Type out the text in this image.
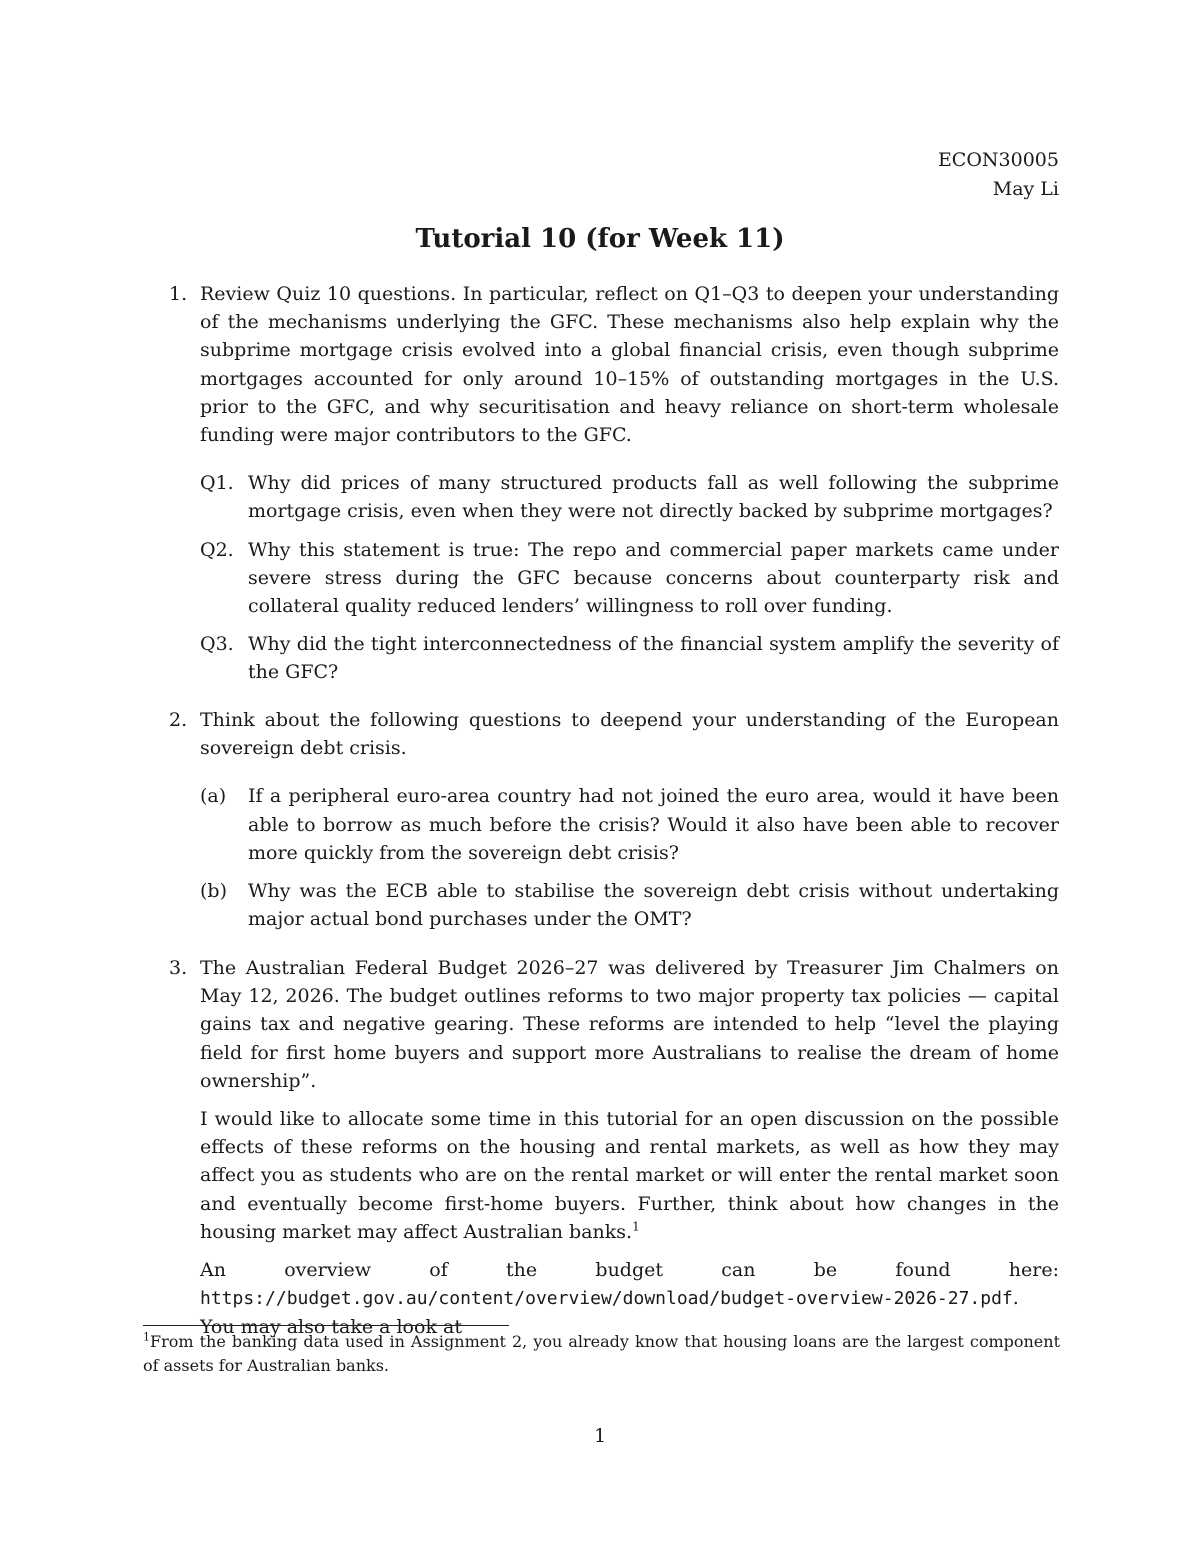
ECON30005
May Li
Tutorial 10 (for Week 11)
1. Review Quiz 10 questions. In particular, reflect on Q1–Q3 to deepen your understanding of the mechanisms underlying the GFC. These mechanisms also help explain why the subprime mortgage crisis evolved into a global financial crisis, even though subprime mortgages accounted for only around 10–15% of outstanding mortgages in the U.S. prior to the GFC, and why securitisation and heavy reliance on short-term wholesale funding were major contributors to the GFC.

Q1. Why did prices of many structured products fall as well following the subprime mortgage crisis, even when they were not directly backed by subprime mortgages?

Q2. Why this statement is true: The repo and commercial paper markets came under severe stress during the GFC because concerns about counterparty risk and collateral quality reduced lenders’ willingness to roll over funding.

Q3. Why did the tight interconnectedness of the financial system amplify the severity of the GFC?

2. Think about the following questions to deepend your understanding of the European sovereign debt crisis.

(a) If a peripheral euro-area country had not joined the euro area, would it have been able to borrow as much before the crisis? Would it also have been able to recover more quickly from the sovereign debt crisis?

(b) Why was the ECB able to stabilise the sovereign debt crisis without undertaking major actual bond purchases under the OMT?

3. The Australian Federal Budget 2026–27 was delivered by Treasurer Jim Chalmers on May 12, 2026. The budget outlines reforms to two major property tax policies — capital gains tax and negative gearing. These reforms are intended to help “level the playing field for first home buyers and support more Australians to realise the dream of home ownership”.

I would like to allocate some time in this tutorial for an open discussion on the possible effects of these reforms on the housing and rental markets, as well as how they may affect you as students who are on the rental market or will enter the rental market soon and eventually become first-home buyers. Further, think about how changes in the housing market may affect Australian banks.$^1$

An overview of the budget can be found here: https://budget.gov.au/content/overview/download/budget-overview-2026-27.pdf. You may also take a look at

$^1$From the banking data used in Assignment 2, you already know that housing loans are the largest component of assets for Australian banks.
1
